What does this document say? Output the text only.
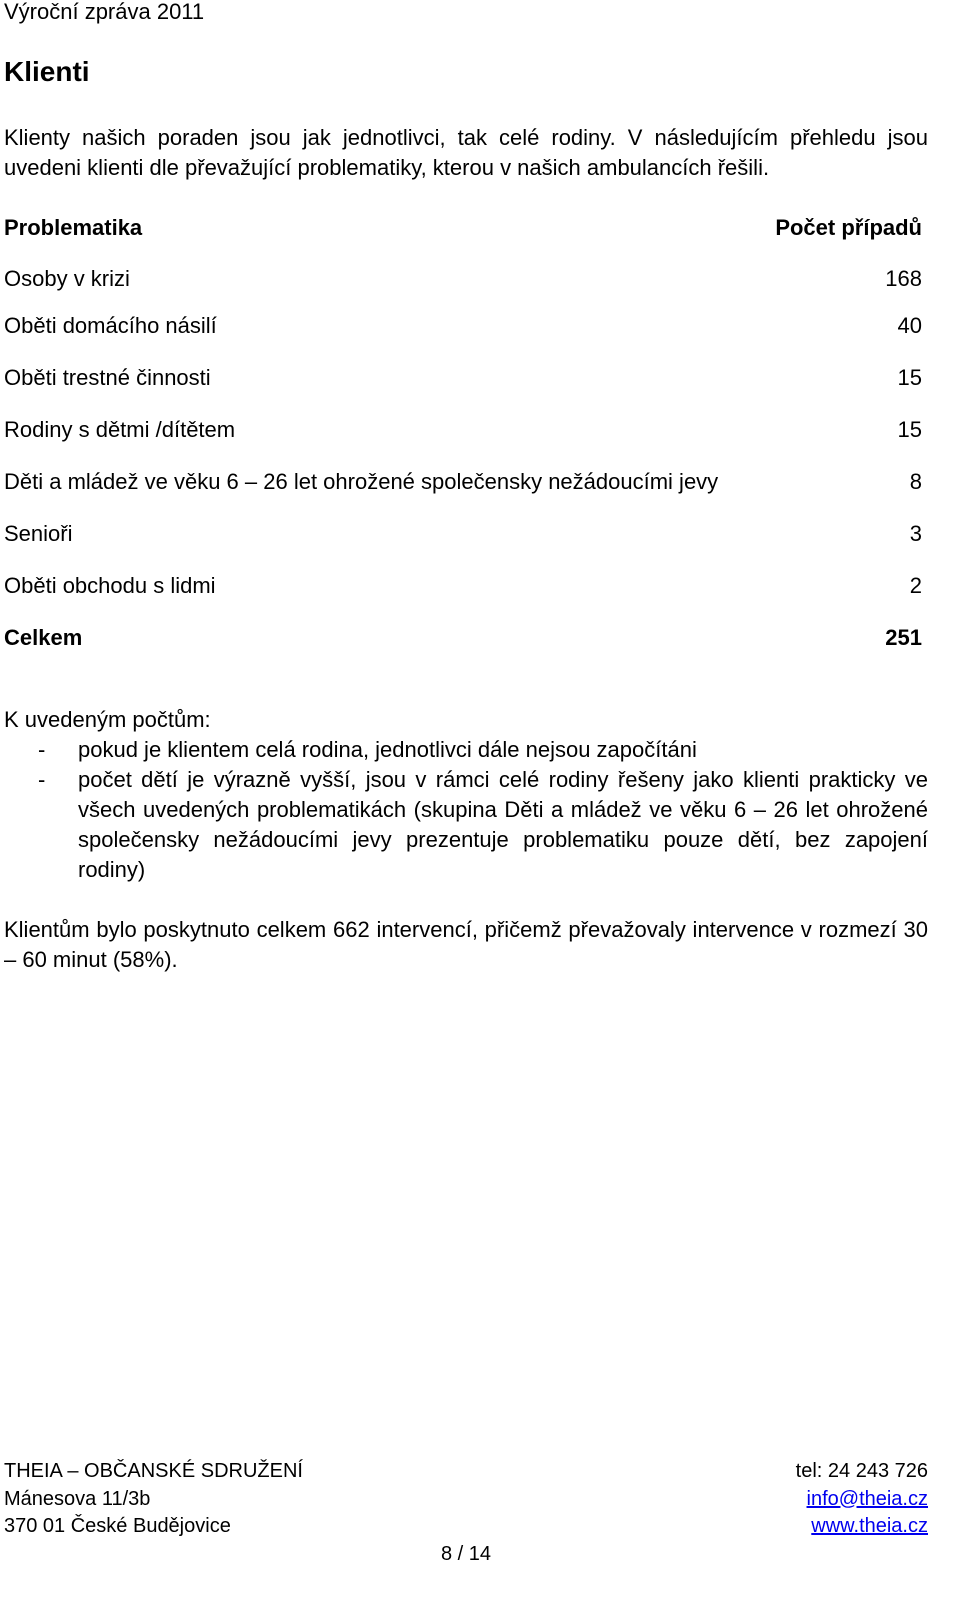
Výroční zpráva 2011
Klienti
Klienty našich poraden jsou jak jednotlivci, tak celé rodiny. V následujícím přehledu jsou uvedeni klienti dle převažující problematiky, kterou v našich ambulancích řešili.
Problematika	Počet případů
Osoby v krizi	168
Oběti domácího násilí	40
Oběti trestné činnosti	15
Rodiny s dětmi /dítětem	15
Děti a mládež ve věku 6 – 26 let ohrožené společensky nežádoucími jevy	8
Senioři	3
Oběti obchodu s lidmi	2
Celkem	251
K uvedeným počtům:
- pokud je klientem celá rodina, jednotlivci dále nejsou započítáni
- počet dětí je výrazně vyšší, jsou v rámci celé rodiny řešeny jako klienti prakticky ve všech uvedených problematikách (skupina Děti a mládež ve věku 6 – 26 let ohrožené společensky nežádoucími jevy prezentuje problematiku pouze dětí, bez zapojení rodiny)
Klientům bylo poskytnuto celkem 662 intervencí, přičemž převažovaly intervence v rozmezí 30 – 60 minut (58%).
THEIA – OBČANSKÉ SDRUŽENÍ
Mánesova 11/3b
370 01 České Budějovice
tel: 24 243 726
info@theia.cz
www.theia.cz
8 / 14
